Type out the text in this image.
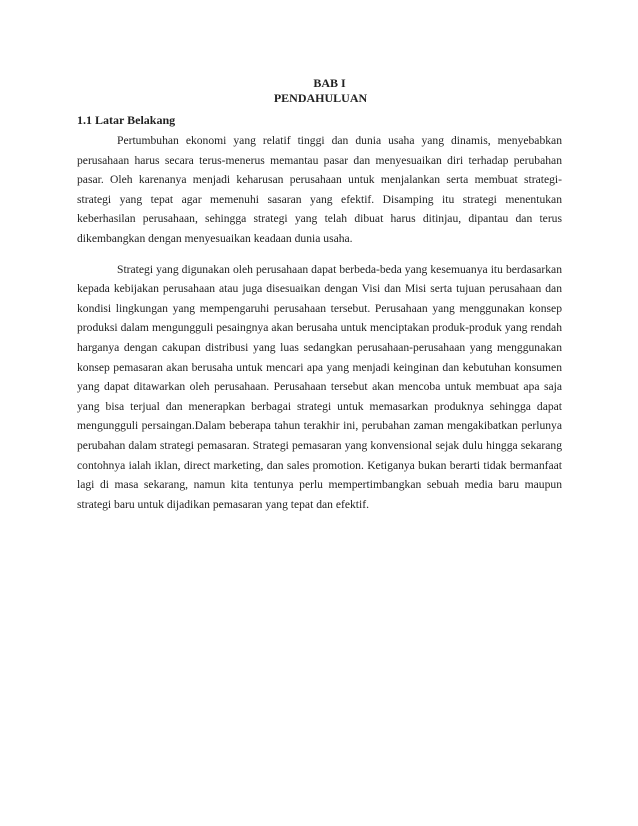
BAB I

PENDAHULUAN

1.1 Latar Belakang

Pertumbuhan ekonomi yang relatif tinggi dan dunia usaha yang dinamis, menyebabkan perusahaan harus secara terus-menerus memantau pasar dan menyesuaikan diri terhadap perubahan pasar. Oleh karenanya menjadi keharusan perusahaan untuk menjalankan serta membuat strategi-strategi yang tepat agar memenuhi sasaran yang efektif. Disamping itu strategi menentukan keberhasilan perusahaan, sehingga strategi yang telah dibuat harus ditinjau, dipantau dan terus dikembangkan dengan menyesuaikan keadaan dunia usaha.

Strategi yang digunakan oleh perusahaan dapat berbeda-beda yang kesemuanya itu berdasarkan kepada kebijakan perusahaan atau juga disesuaikan dengan Visi dan Misi serta tujuan perusahaan dan kondisi lingkungan yang mempengaruhi perusahaan tersebut. Perusahaan yang menggunakan konsep produksi dalam mengungguli pesaingnya akan berusaha untuk menciptakan produk-produk yang rendah harganya dengan cakupan distribusi yang luas sedangkan perusahaan-perusahaan yang menggunakan konsep pemasaran akan berusaha untuk mencari apa yang menjadi keinginan dan kebutuhan konsumen yang dapat ditawarkan oleh perusahaan. Perusahaan tersebut akan mencoba untuk membuat apa saja yang bisa terjual dan menerapkan berbagai strategi untuk memasarkan produknya sehingga dapat mengungguli persaingan.Dalam beberapa tahun terakhir ini, perubahan zaman mengakibatkan perlunya perubahan dalam strategi pemasaran. Strategi pemasaran yang konvensional sejak dulu hingga sekarang contohnya ialah iklan, direct marketing, dan sales promotion. Ketiganya bukan berarti tidak bermanfaat lagi di masa sekarang, namun kita tentunya perlu mempertimbangkan sebuah media baru maupun strategi baru untuk dijadikan pemasaran yang tepat dan efektif.
